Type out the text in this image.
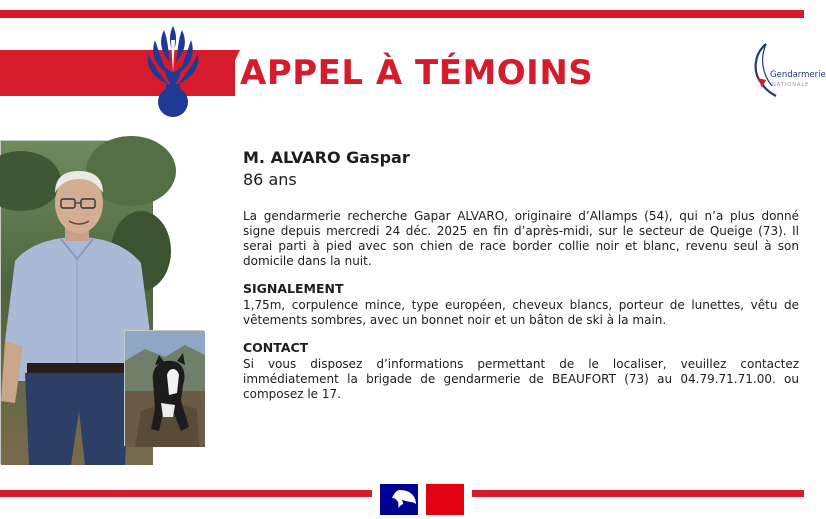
APPEL À TÉMOINS	Gendarmerie
NATIONALE

M. ALVARO Gaspar

86 ans

La gendarmerie recherche Gapar ALVARO, originaire d’Allamps (54), qui n’a plus donné signe depuis mercredi 24 déc. 2025 en fin d’après-midi, sur le secteur de Queige (73). Il serai parti à pied avec son chien de race border collie noir et blanc, revenu seul à son domicile dans la nuit.

SIGNALEMENT

1,75m, corpulence mince, type européen, cheveux blancs, porteur de lunettes, vêtu de vêtements sombres, avec un bonnet noir et un bâton de ski à la main.

CONTACT

Si vous disposez d’informations permettant de le localiser, veuillez contactez immédiatement la brigade de gendarmerie de BEAUFORT (73) au 04.79.71.71.00. ou composez le 17.
